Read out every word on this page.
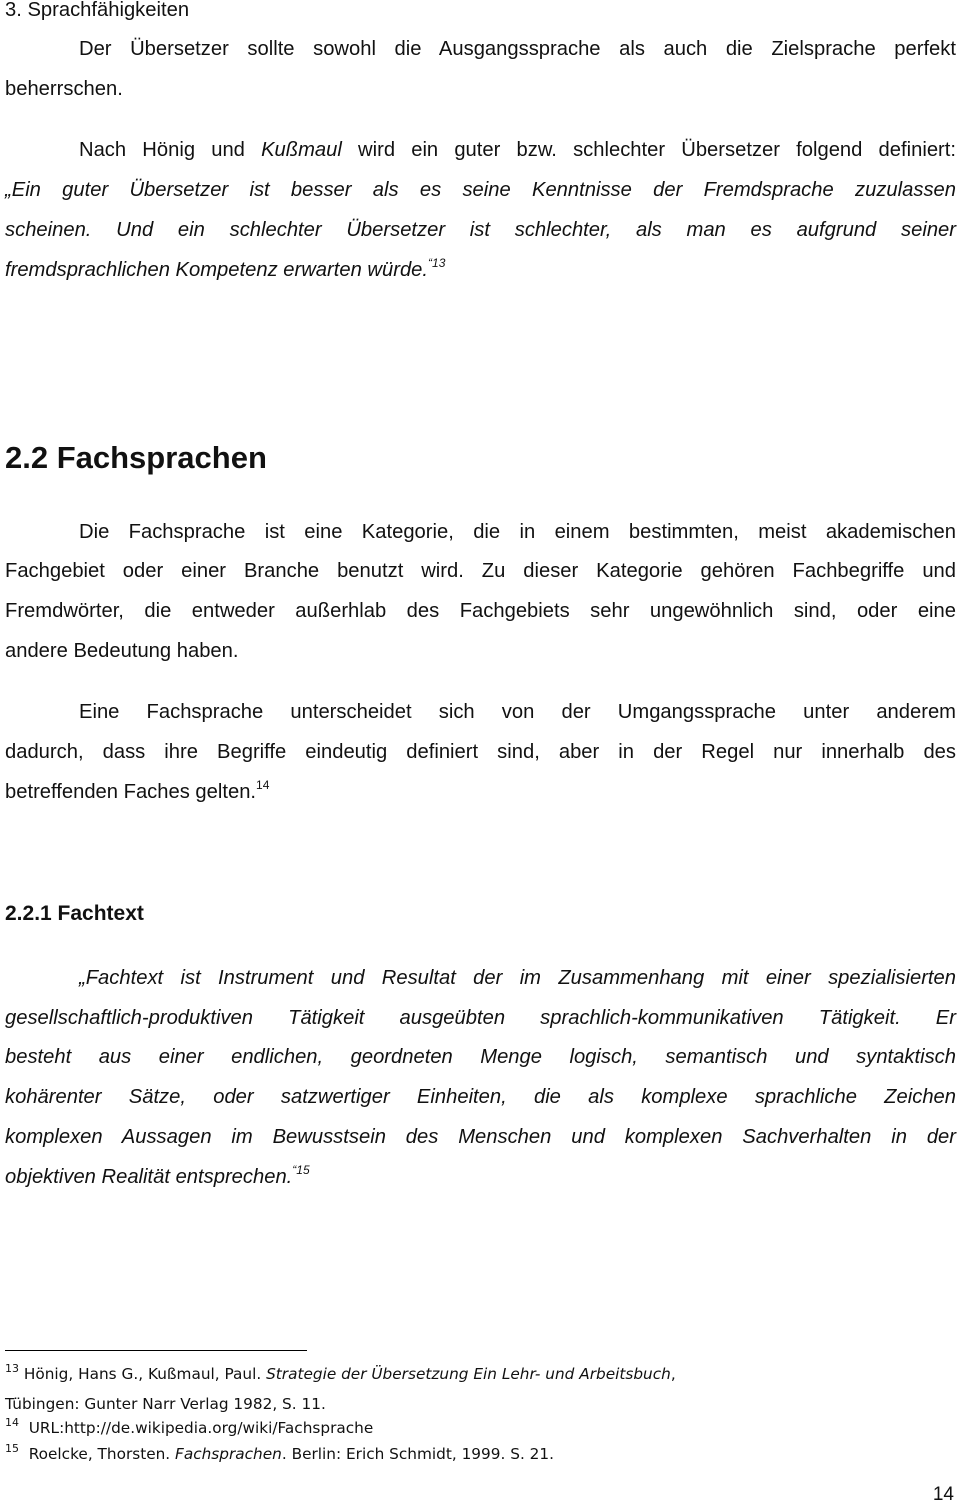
3. Sprachfähigkeiten
Der Übersetzer sollte sowohl die Ausgangssprache als auch die Zielsprache perfekt
beherrschen.
Nach Hönig und Kußmaul wird ein guter bzw. schlechter Übersetzer folgend definiert:
„Ein guter Übersetzer ist besser als es seine Kenntnisse der Fremdsprache zuzulassen
scheinen. Und ein schlechter Übersetzer ist schlechter, als man es aufgrund seiner
fremdsprachlichen Kompetenz erwarten würde.$^{“13}$
2.2 Fachsprachen
Die Fachsprache ist eine Kategorie, die in einem bestimmten, meist akademischen
Fachgebiet oder einer Branche benutzt wird. Zu dieser Kategorie gehören Fachbegriffe und
Fremdwörter, die entweder außerhlab des Fachgebiets sehr ungewöhnlich sind, oder eine
andere Bedeutung haben.
Eine Fachsprache unterscheidet sich von der Umgangssprache unter anderem
dadurch, dass ihre Begriffe eindeutig definiert sind, aber in der Regel nur innerhalb des
betreffenden Faches gelten.$^{14}$
2.2.1 Fachtext
„Fachtext ist Instrument und Resultat der im Zusammenhang mit einer spezialisierten
gesellschaftlich-produktiven Tätigkeit ausgeübten sprachlich-kommunikativen Tätigkeit. Er
besteht aus einer endlichen, geordneten Menge logisch, semantisch und syntaktisch
kohärenter Sätze, oder satzwertiger Einheiten, die als komplexe sprachliche Zeichen
komplexen Aussagen im Bewusstsein des Menschen und komplexen Sachverhalten in der
objektiven Realität entsprechen.$^{“15}$
$^{13}$ Hönig, Hans G., Kußmaul, Paul. Strategie der Übersetzung Ein Lehr- und Arbeitsbuch,
Tübingen: Gunter Narr Verlag 1982, S. 11.
$^{14}$  URL:http://de.wikipedia.org/wiki/Fachsprache
$^{15}$  Roelcke, Thorsten. Fachsprachen. Berlin: Erich Schmidt, 1999. S. 21.
14
